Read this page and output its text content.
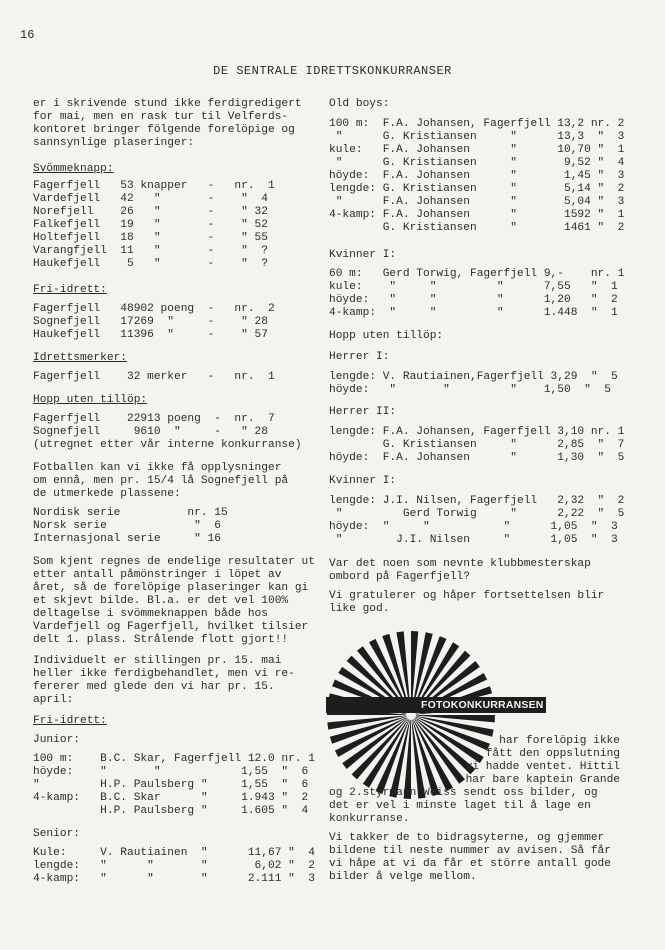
16
DE SENTRALE IDRETTSKONKURRANSER

er i skrivende stund ikke ferdigredigert

for mai, men en rask tur til Velferds-

kontoret bringer fölgende forelöpige og

sannsynlige plaseringer:

Svömmeknapp:

Fagerfjell   53 knapper   -   nr.  1

Vardefjell   42   "       -    "  4

Norefjell    26   "       -    " 32

Falkefjell   19   "       -    " 52

Holtefjell   18   "       -    " 55

Varangfjell  11   "       -    "  ?

Haukefjell    5   "       -    "  ?

Fri-idrett:

Fagerfjell   48902 poeng  -   nr.  2

Sognefjell   17269  "     -    " 28

Haukefjell   11396  "     -    " 57

Idrettsmerker:

Fagerfjell    32 merker   -   nr.  1

Hopp uten tillöp:

Fagerfjell    22913 poeng  -  nr.  7

Sognefjell     9610  "     -   " 28

(utregnet etter vår interne konkurranse)

Fotballen kan vi ikke få opplysninger

om ennå, men pr. 15/4 lå Sognefjell på

de utmerkede plassene:

Nordisk serie          nr. 15

Norsk serie             "  6

Internasjonal serie     " 16

Som kjent regnes de endelige resultater ut

etter antall påmönstringer i löpet av

året, så de forelöpige plaseringer kan gi

et skjevt bilde. Bl.a. er det vel 100%

deltagelse i svömmeknappen både hos

Vardefjell og Fagerfjell, hvilket tilsier

delt 1. plass. Strålende flott gjort!!

Individuelt er stillingen pr. 15. mai

heller ikke ferdigbehandlet, men vi re-

fererer med glede den vi har pr. 15.

april:

Fri-idrett:

Junior:

100 m:    B.C. Skar, Fagerfjell 12.0 nr. 1

höyde:    "       "            1,55  "  6

"         H.P. Paulsberg "     1,55  "  6

4-kamp:   B.C. Skar      "     1.943 "  2

H.P. Paulsberg "     1.605 "  4

Senior:

Kule:     V. Rautiainen  "      11,67 "  4

lengde:   "      "       "       6,02 "  2

4-kamp:   "      "       "      2.111 "  3

Old boys:

100 m:  F.A. Johansen, Fagerfjell 13,2 nr. 2

"      G. Kristiansen     "      13,3  "  3

kule:   F.A. Johansen      "      10,70 "  1

"      G. Kristiansen     "       9,52 "  4

höyde:  F.A. Johansen      "       1,45 "  3

lengde: G. Kristiansen     "       5,14 "  2

"      F.A. Johansen      "       5,04 "  3

4-kamp: F.A. Johansen      "       1592 "  1

G. Kristiansen     "       1461 "  2

Kvinner I:

60 m:   Gerd Torwig, Fagerfjell 9,-    nr. 1

kule:    "     "         "      7,55   "  1

höyde:   "     "         "      1,20   "  2

4-kamp:  "     "         "      1.448  "  1

Hopp uten tillöp:

Herrer I:

lengde: V. Rautiainen,Fagerfjell 3,29  "  5

höyde:   "       "         "    1,50  "  5

Herrer II:

lengde: F.A. Johansen, Fagerfjell 3,10 nr. 1

G. Kristiansen     "      2,85  "  7

höyde:  F.A. Johansen      "      1,30  "  5

Kvinner I:

lengde: J.I. Nilsen, Fagerfjell   2,32  "  2

"         Gerd Torwig     "      2,22  "  5

höyde:  "     "           "      1,05  "  3

"        J.I. Nilsen     "      1,05  "  3

Var det noen som nevnte klubbmesterskap

ombord på Fagerfjell?

Vi gratulerer og håper fortsettelsen blir

like god.

FOTOKONKURRANSEN

har forelöpig ikke

fått den oppslutning

vi hadde ventet. Hittil

har bare kaptein Grande

og 2.styrmann Weiss sendt oss bilder, og

det er vel i minste laget til å lage en

konkurranse.

Vi takker de to bidragsyterne, og gjemmer

bildene til neste nummer av avisen. Så får

vi håpe at vi da får et större antall gode

bilder å velge mellom.
